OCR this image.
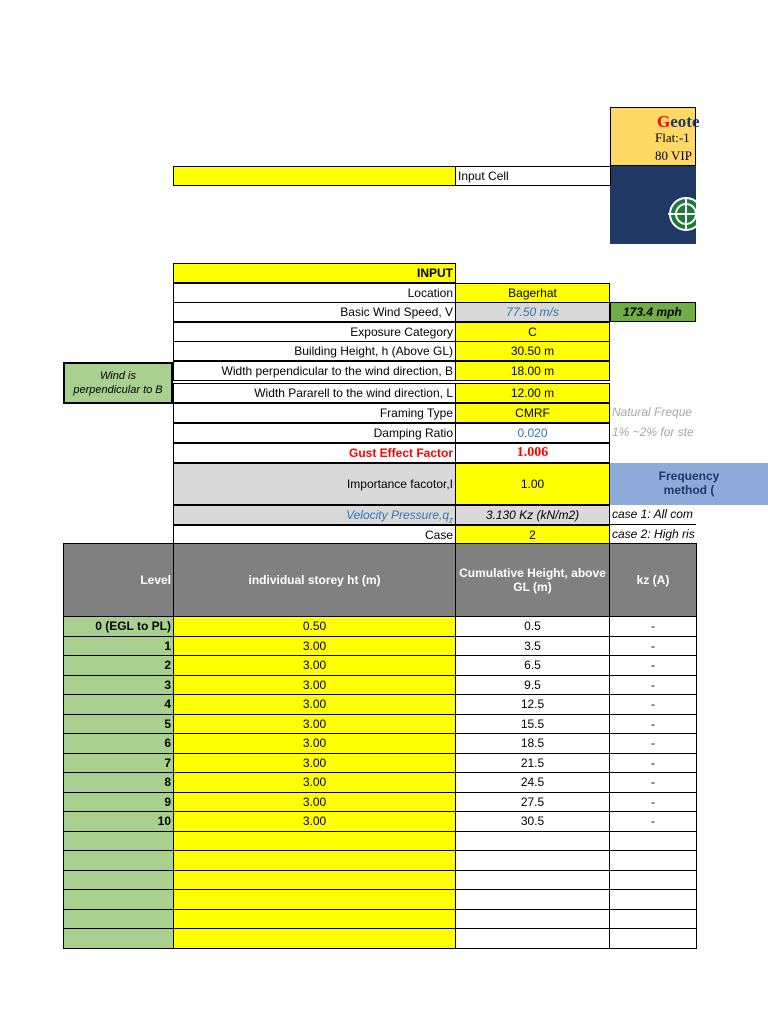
Geote
Flat:-1
80 VIP
Input Cell
Wind is
perpendicular to B
INPUT
Location	Bagerhat
Basic Wind Speed, V	77.50 m/s	173.4 mph
Exposure Category	C
Building Height, h (Above GL)	30.50 m
Width perpendicular to the wind direction, B	18.00 m
Width Pararell to the wind direction, L	12.00 m
Framing Type	CMRF	Natural Freque
Damping Ratio	0.020	1% ~2% for ste
Gust Effect Factor	1.006
Importance facotor,I	1.00
Frequency
method (
Velocity $Pressure,q_z$	3.130 Kz (kN/m2)	case 1: All com
Case	2	case 2: High ris
Level	individual storey ht (m)	Cumulative Height, above GL (m)	kz (A)
0 (EGL to PL)	0.50	0.5	-
1	3.00	3.5	-
2	3.00	6.5	-
3	3.00	9.5	-
4	3.00	12.5	-
5	3.00	15.5	-
6	3.00	18.5	-
7	3.00	21.5	-
8	3.00	24.5	-
9	3.00	27.5	-
10	3.00	30.5	-
